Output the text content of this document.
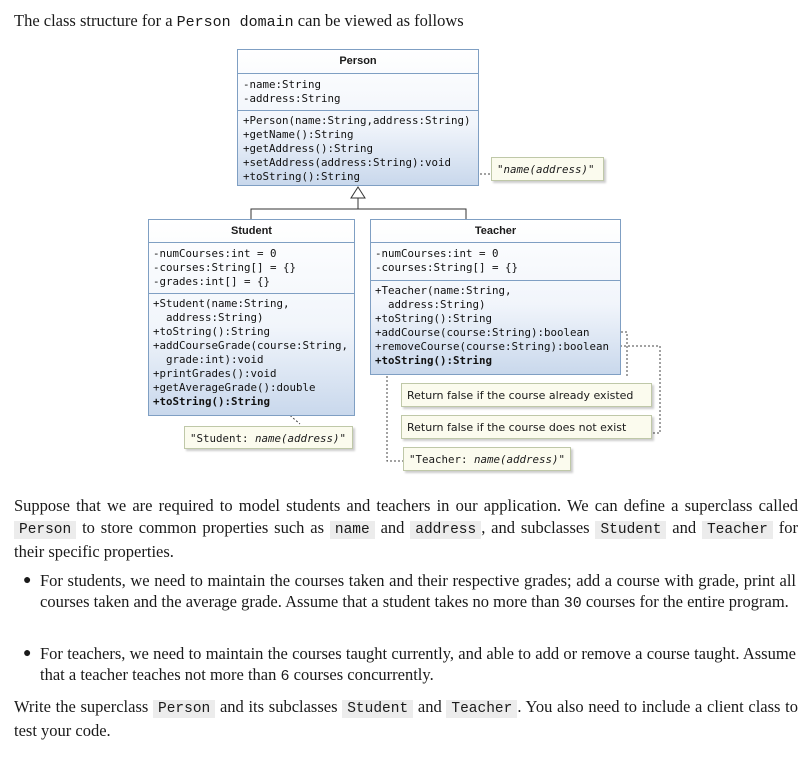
The class structure for a Person domain can be viewed as follows
Person
-name:String
-address:String
+Person(name:String,address:String)
+getName():String
+getAddress():String
+setAddress(address:String):void
+toString():String
"name(address)"
Student
-numCourses:int = 0
-courses:String[] = {}
-grades:int[] = {}
+Student(name:String,
address:String)
+toString():String
+addCourseGrade(course:String,
grade:int):void
+printGrades():void
+getAverageGrade():double
+toString():String
"Student: name(address)"
Teacher
-numCourses:int = 0
-courses:String[] = {}
+Teacher(name:String,
address:String)
+toString():String
+addCourse(course:String):boolean
+removeCourse(course:String):boolean
+toString():String
Return false if the course already existed
Return false if the course does not exist
"Teacher: name(address)"
Suppose that we are required to model students and teachers in our application. We can define a superclass called Person to store common properties such as name and address , and subclasses Student and Teacher for their specific properties.
● For students, we need to maintain the courses taken and their respective grades; add a course with grade, print all courses taken and the average grade. Assume that a student takes no more than 30 courses for the entire program.
● For teachers, we need to maintain the courses taught currently, and able to add or remove a course taught. Assume that a teacher teaches not more than 6 courses concurrently.
Write the superclass Person and its subclasses Student and Teacher . You also need to include a client class to test your code.
